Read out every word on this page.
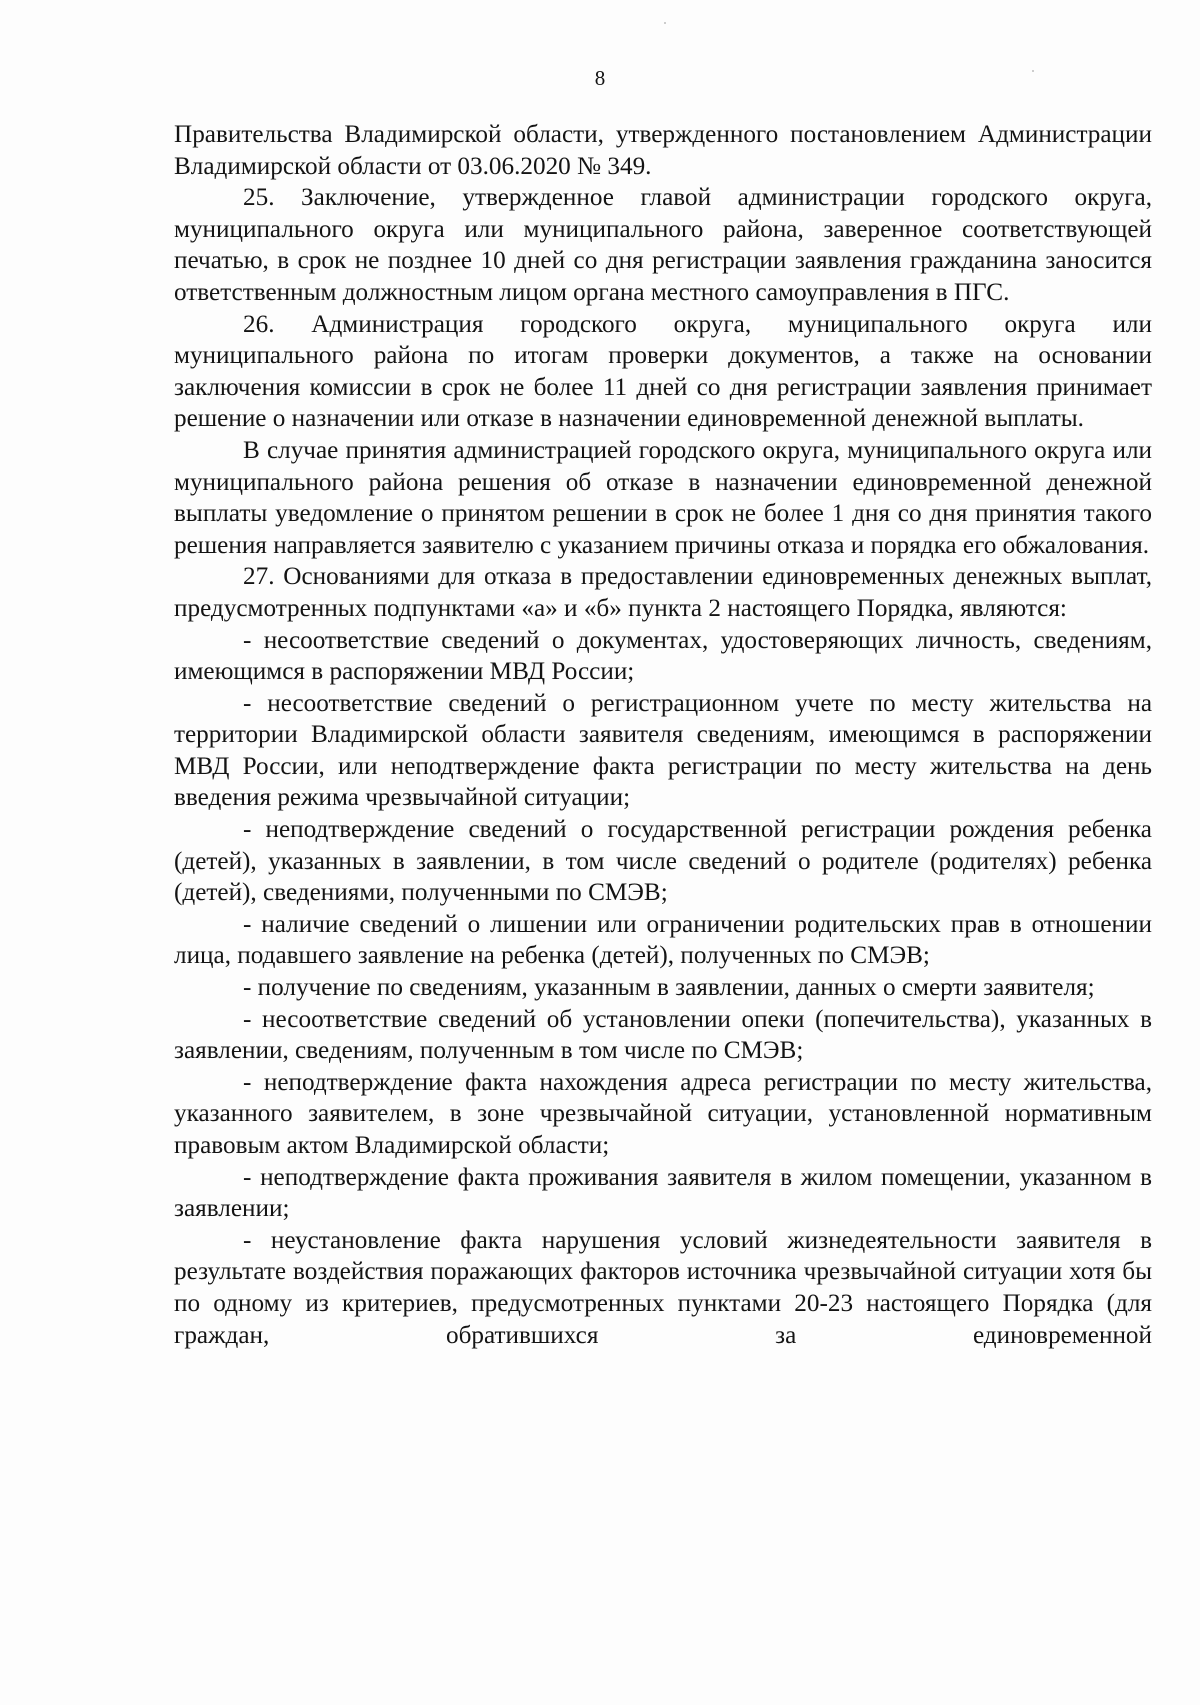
8

Правительства Владимирской области, утвержденного постановлением Администрации Владимирской области от 03.06.2020 № 349.

25. Заключение, утвержденное главой администрации городского округа, муниципального округа или муниципального района, заверенное соответствующей печатью, в срок не позднее 10 дней со дня регистрации заявления гражданина заносится ответственным должностным лицом органа местного самоуправления в ПГС.

26. Администрация городского округа, муниципального округа или муниципального района по итогам проверки документов, а также на основании заключения комиссии в срок не более 11 дней со дня регистрации заявления принимает решение о назначении или отказе в назначении единовременной денежной выплаты.

В случае принятия администрацией городского округа, муниципального округа или муниципального района решения об отказе в назначении единовременной денежной выплаты уведомление о принятом решении в срок не более 1 дня со дня принятия такого решения направляется заявителю с указанием причины отказа и порядка его обжалования.

27. Основаниями для отказа в предоставлении единовременных денежных выплат, предусмотренных подпунктами «а» и «б» пункта 2 настоящего Порядка, являются:

- несоответствие сведений о документах, удостоверяющих личность, сведениям, имеющимся в распоряжении МВД России;

- несоответствие сведений о регистрационном учете по месту жительства на территории Владимирской области заявителя сведениям, имеющимся в распоряжении МВД России, или неподтверждение факта регистрации по месту жительства на день введения режима чрезвычайной ситуации;

- неподтверждение сведений о государственной регистрации рождения ребенка (детей), указанных в заявлении, в том числе сведений о родителе (родителях) ребенка (детей), сведениями, полученными по СМЭВ;

- наличие сведений о лишении или ограничении родительских прав в отношении лица, подавшего заявление на ребенка (детей), полученных по СМЭВ;

- получение по сведениям, указанным в заявлении, данных о смерти заявителя;

- несоответствие сведений об установлении опеки (попечительства), указанных в заявлении, сведениям, полученным в том числе по СМЭВ;

- неподтверждение факта нахождения адреса регистрации по месту жительства, указанного заявителем, в зоне чрезвычайной ситуации, установленной нормативным правовым актом Владимирской области;

- неподтверждение факта проживания заявителя в жилом помещении, указанном в заявлении;

- неустановление факта нарушения условий жизнедеятельности заявителя в результате воздействия поражающих факторов источника чрезвычайной ситуации хотя бы по одному из критериев, предусмотренных пунктами 20-23 настоящего Порядка (для граждан, обратившихся за единовременной
